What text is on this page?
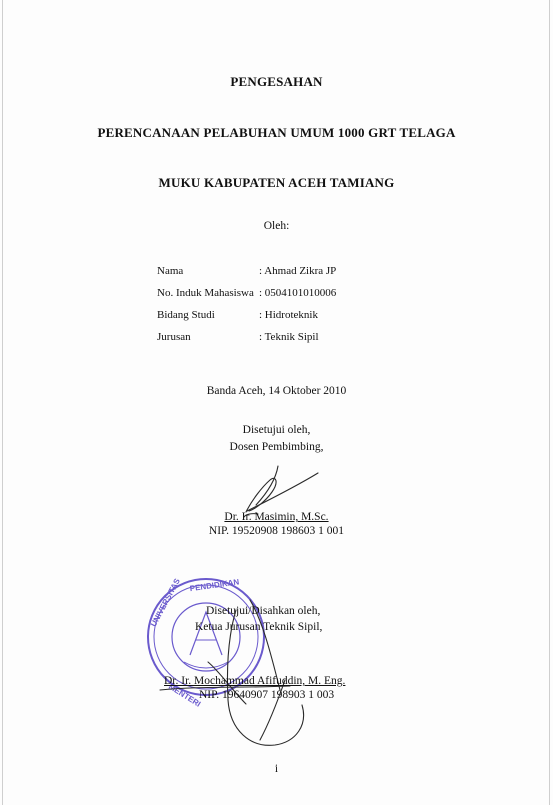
PENGESAHAN
PERENCANAAN PELABUHAN UMUM 1000 GRT TELAGA
MUKU KABUPATEN ACEH TAMIANG
Oleh:
Nama	: Ahmad Zikra JP
No. Induk Mahasiswa : 0504101010006
Bidang Studi	: Hidroteknik
Jurusan	: Teknik Sipil
Banda Aceh, 14 Oktober 2010
Disetujui oleh,
Dosen Pembimbing,
Dr. Ir. Masimin, M.Sc.
NIP. 19520908 198603 1 001
PENDIDIKAN
UNIVERSITAS
MENTERI
Disetujui/Disahkan oleh,
Ketua Jurusan Teknik Sipil,
Dr. Ir. Mochammad Afifuddin, M. Eng.
NIP. 19640907 198903 1 003
i
